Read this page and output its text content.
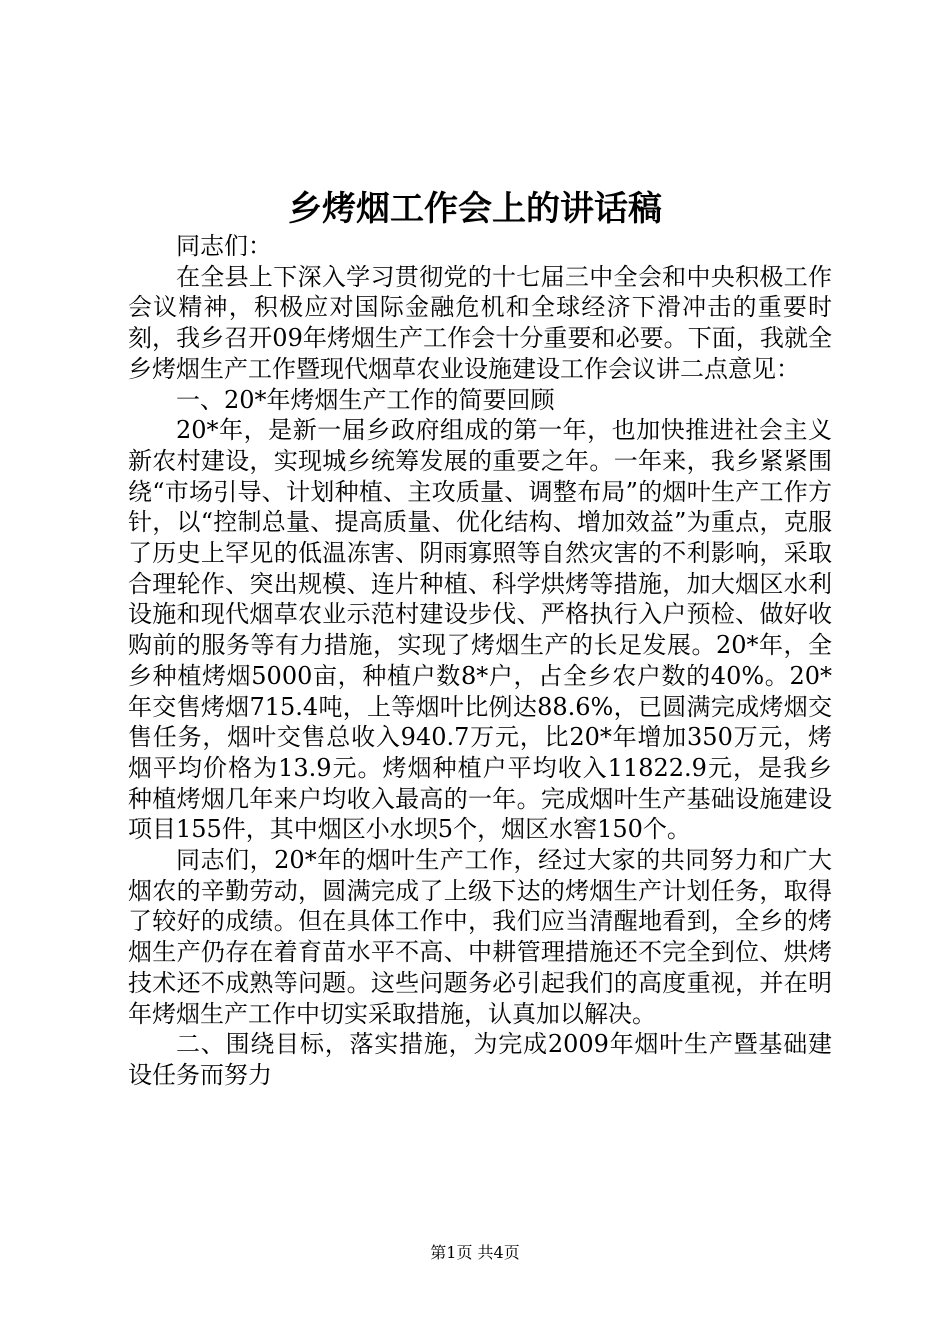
乡烤烟工作会上的讲话稿

同志们：

在全县上下深入学习贯彻党的十七届三中全会和中央积极工作会议精神，积极应对国际金融危机和全球经济下滑冲击的重要时刻，我乡召开09年烤烟生产工作会十分重要和必要。下面，我就全乡烤烟生产工作暨现代烟草农业设施建设工作会议讲二点意见：

一、20*年烤烟生产工作的简要回顾

20*年，是新一届乡政府组成的第一年，也加快推进社会主义新农村建设，实现城乡统筹发展的重要之年。一年来，我乡紧紧围绕“市场引导、计划种植、主攻质量、调整布局”的烟叶生产工作方针，以“控制总量、提高质量、优化结构、增加效益”为重点，克服了历史上罕见的低温冻害、阴雨寡照等自然灾害的不利影响，采取合理轮作、突出规模、连片种植、科学烘烤等措施，加大烟区水利设施和现代烟草农业示范村建设步伐、严格执行入户预检、做好收购前的服务等有力措施，实现了烤烟生产的长足发展。20*年，全乡种植烤烟5000亩，种植户数8*户，占全乡农户数的40%。20*年交售烤烟715.4吨，上等烟叶比例达88.6%，已圆满完成烤烟交售任务，烟叶交售总收入940.7万元，比20*年增加350万元，烤烟平均价格为13.9元。烤烟种植户平均收入11822.9元，是我乡种植烤烟几年来户均收入最高的一年。完成烟叶生产基础设施建设项目155件，其中烟区小水坝5个，烟区水窖150个。

同志们，20*年的烟叶生产工作，经过大家的共同努力和广大烟农的辛勤劳动，圆满完成了上级下达的烤烟生产计划任务，取得了较好的成绩。但在具体工作中，我们应当清醒地看到，全乡的烤烟生产仍存在着育苗水平不高、中耕管理措施还不完全到位、烘烤技术还不成熟等问题。这些问题务必引起我们的高度重视，并在明年烤烟生产工作中切实采取措施，认真加以解决。

二、围绕目标，落实措施，为完成2009年烟叶生产暨基础建设任务而努力

第1页 共4页
